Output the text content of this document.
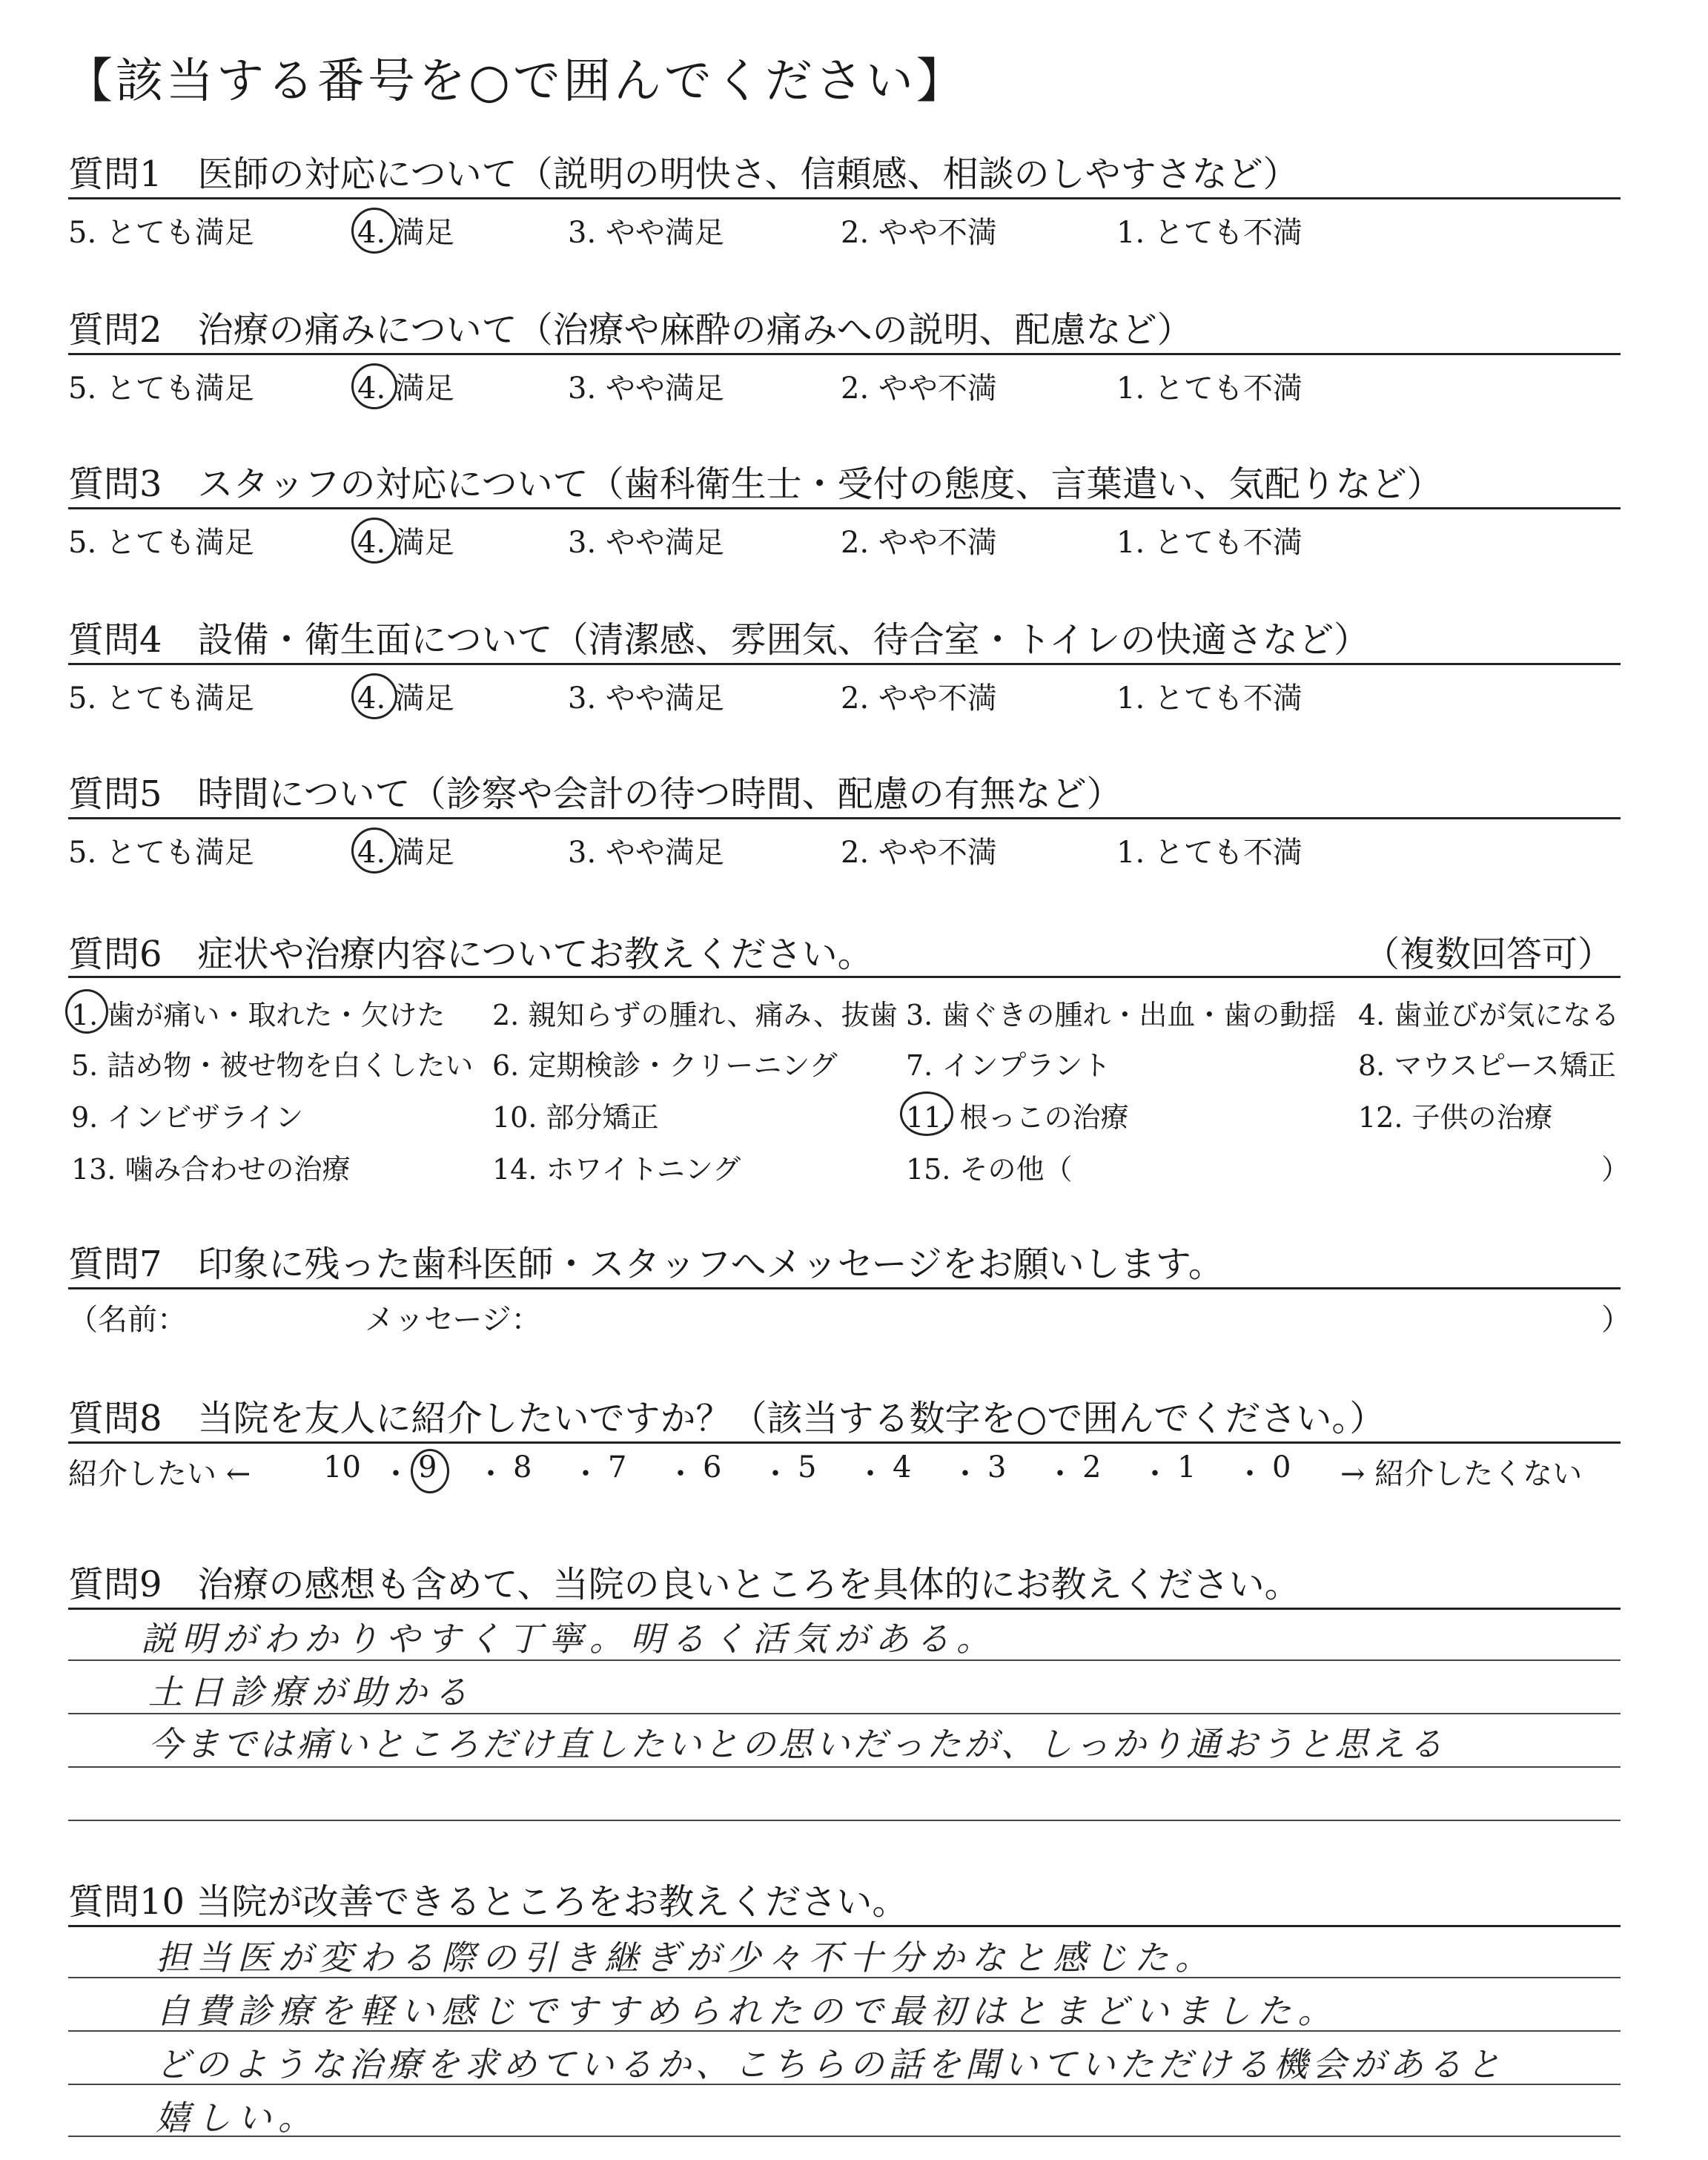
【該当する番号を○で囲んでください】
質問1　医師の対応について（説明の明快さ、信頼感、相談のしやすさなど）
5. とても満足	4. 満足	3. やや満足	2. やや不満	1. とても不満
質問2　治療の痛みについて（治療や麻酔の痛みへの説明、配慮など）
5. とても満足	4. 満足	3. やや満足	2. やや不満	1. とても不満
質問3　スタッフの対応について（歯科衛生士・受付の態度、言葉遣い、気配りなど）
5. とても満足	4. 満足	3. やや満足	2. やや不満	1. とても不満
質問4　設備・衛生面について（清潔感、雰囲気、待合室・トイレの快適さなど）
5. とても満足	4. 満足	3. やや満足	2. やや不満	1. とても不満
質問5　時間について（診察や会計の待つ時間、配慮の有無など）
5. とても満足	4. 満足	3. やや満足	2. やや不満	1. とても不満
質問6　症状や治療内容についてお教えください。	（複数回答可）
1. 歯が痛い・取れた・欠けた 2. 親知らずの腫れ、痛み、抜歯 3. 歯ぐきの腫れ・出血・歯の動揺 4. 歯並びが気になる
5. 詰め物・被せ物を白くしたい 6. 定期検診・クリーニング 7. インプラント	8. マウスピース矯正
9. インビザライン	10. 部分矯正	11. 根っこの治療	12. 子供の治療
13. 噛み合わせの治療	14. ホワイトニング	15. その他（	）
質問7　印象に残った歯科医師・スタッフへメッセージをお願いします。
（名前：	メッセージ：	）
質問8　当院を友人に紹介したいですか？（該当する数字を○で囲んでください。）
紹介したい ← 10 ・ 9 ・ 8 ・ 7 ・ 6 ・ 5 ・ 4 ・ 3 ・ 2 ・ 1 ・ 0 → 紹介したくない
質問9　治療の感想も含めて、当院の良いところを具体的にお教えください。
説明がわかりやすく丁寧。明るく活気がある。
土日診療が助かる
今までは痛いところだけ直したいとの思いだったが、しっかり通おうと思える
質問10 当院が改善できるところをお教えください。
担当医が変わる際の引き継ぎが少々不十分かなと感じた。
自費診療を軽い感じですすめられたので最初はとまどいました。
どのような治療を求めているか、こちらの話を聞いていただける機会があると
嬉しい。
